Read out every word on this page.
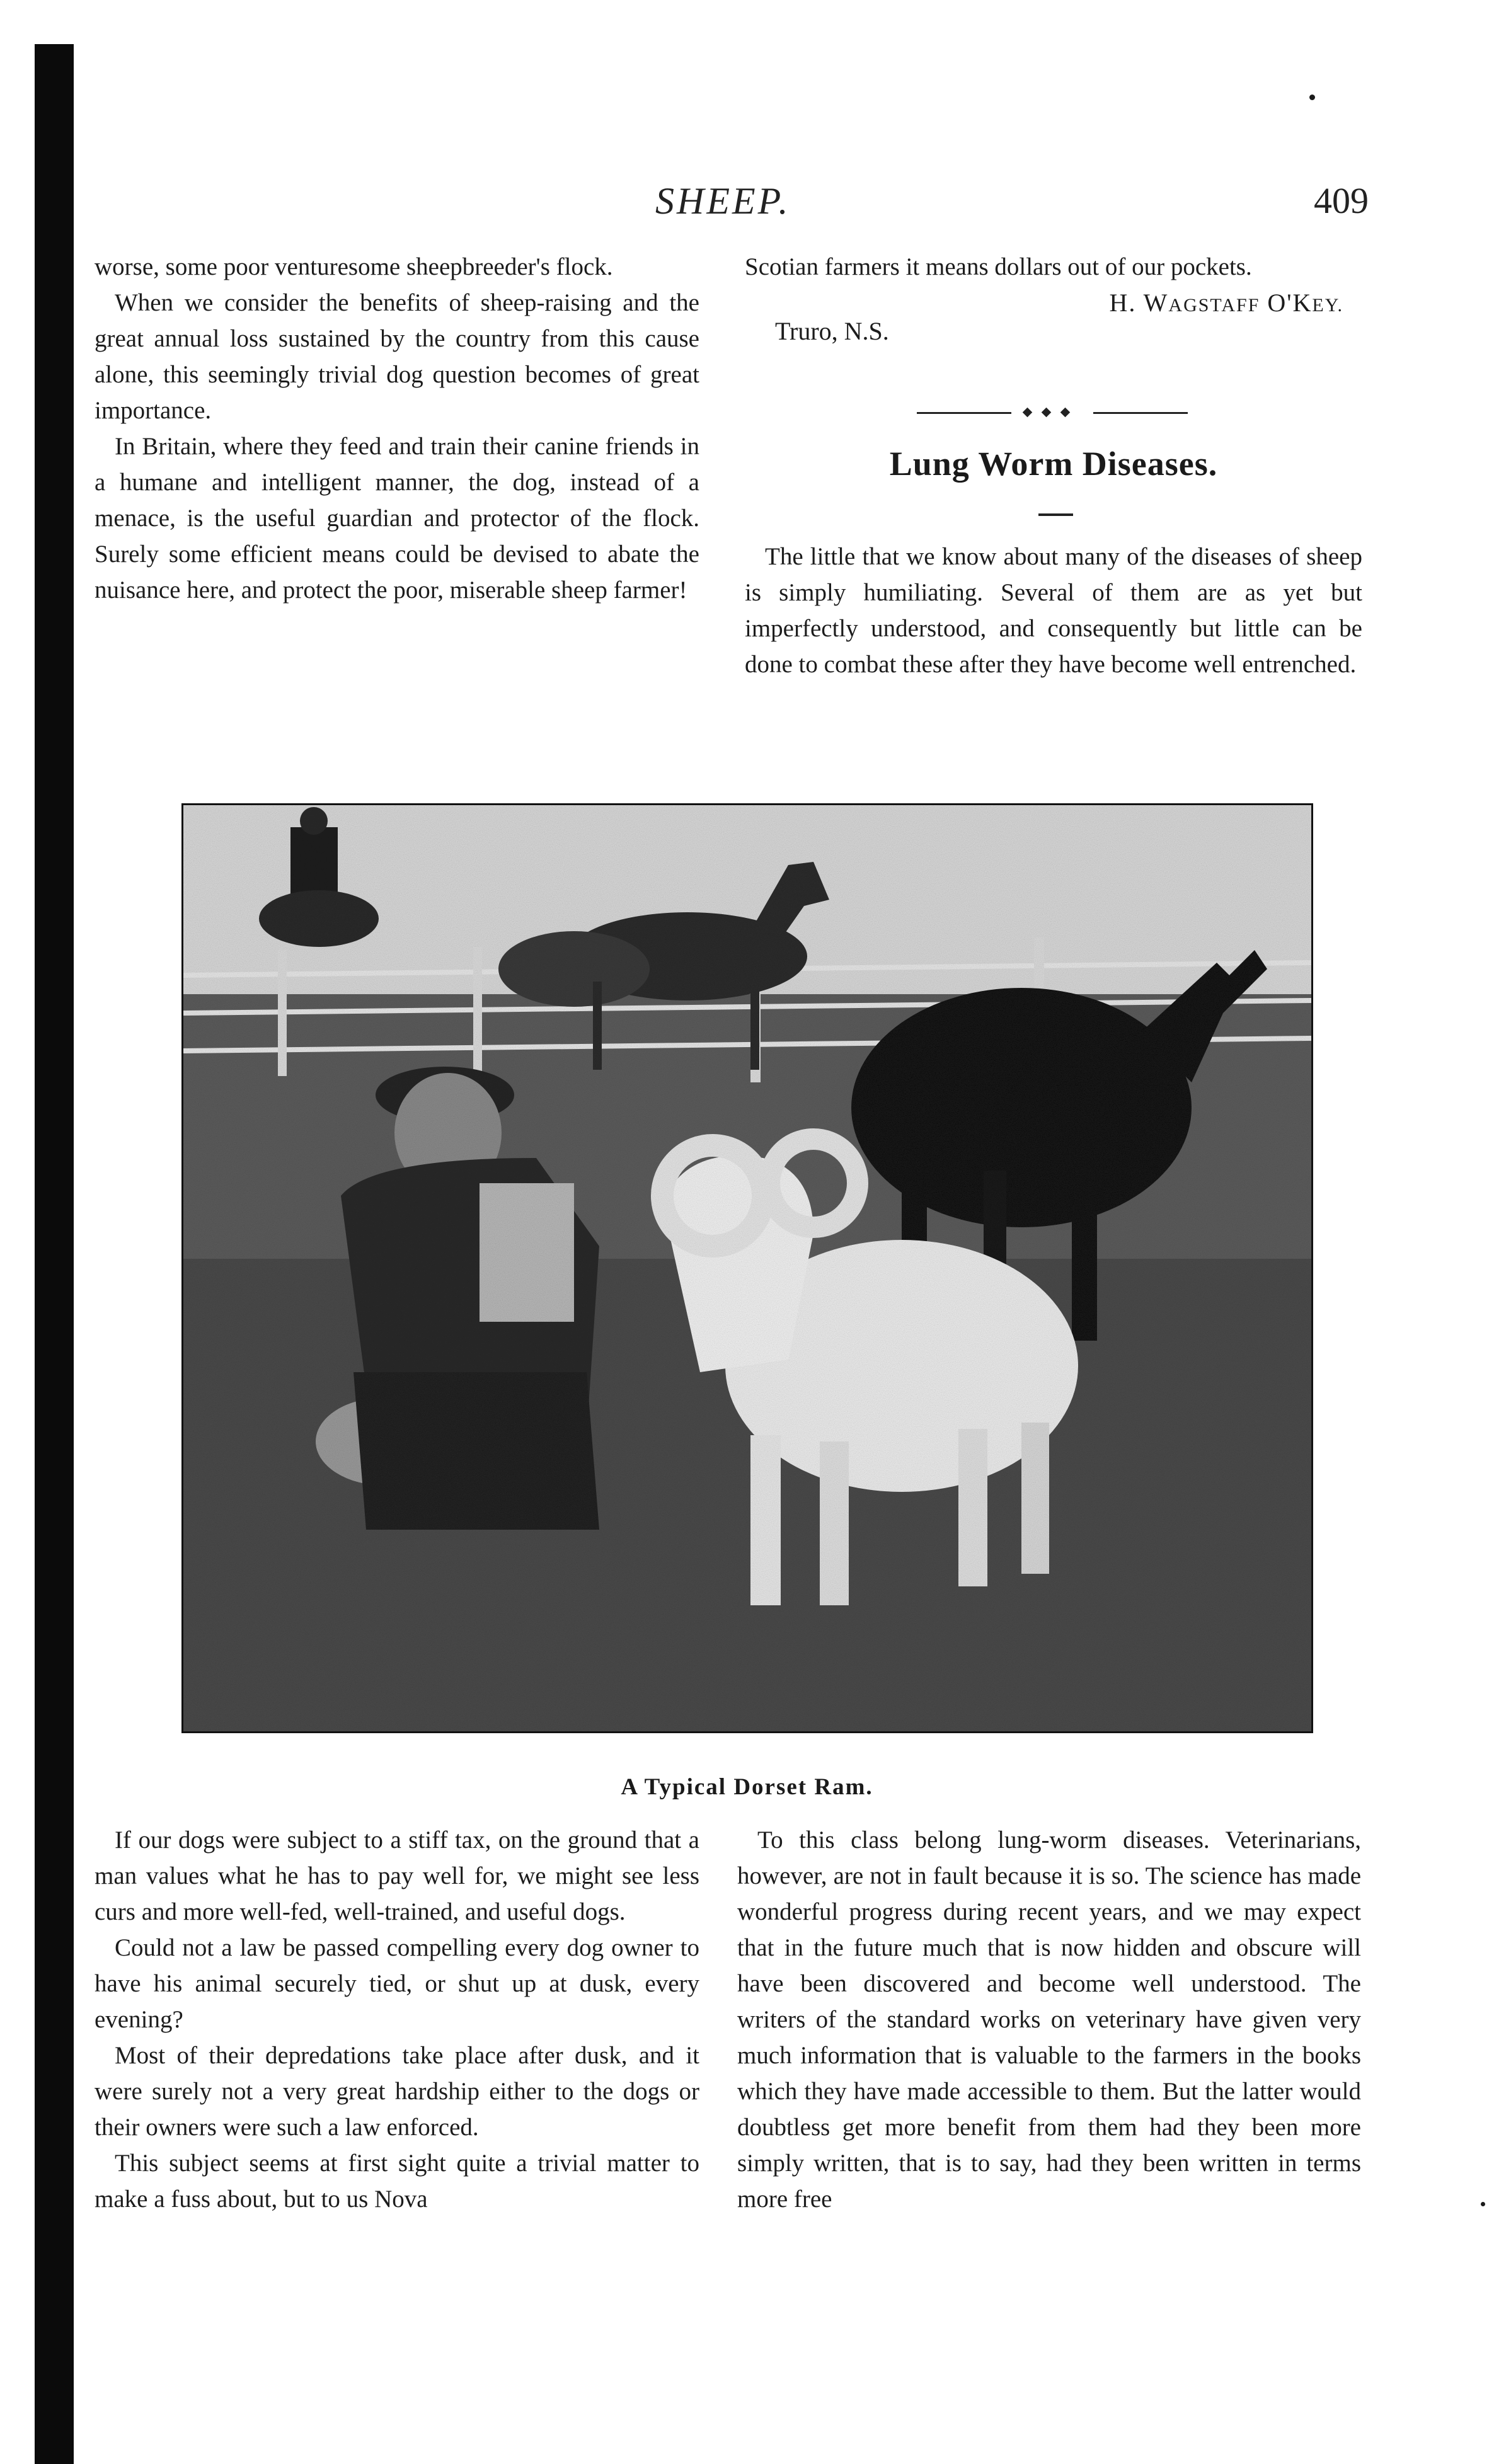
SHEEP.	409

worse, some poor venturesome sheepbreeder's flock.

When we consider the benefits of sheep-raising and the great annual loss sustained by the country from this cause alone, this seemingly trivial dog question becomes of great importance.

In Britain, where they feed and train their canine friends in a humane and intelligent manner, the dog, instead of a menace, is the useful guardian and protector of the flock. Surely some efficient means could be devised to abate the nuisance here, and protect the poor, miserable sheep farmer!

Scotian farmers it means dollars out of our pockets.

H. WAGSTAFF O'KEY.
Truro, N.S.
Lung Worm Diseases.

The little that we know about many of the diseases of sheep is simply humiliating. Several of them are as yet but imperfectly understood, and consequently but little can be done to combat these after they have become well entrenched.

A Typical Dorset Ram.

If our dogs were subject to a stiff tax, on the ground that a man values what he has to pay well for, we might see less curs and more well-fed, well-trained, and useful dogs.

Could not a law be passed compelling every dog owner to have his animal securely tied, or shut up at dusk, every evening?

Most of their depredations take place after dusk, and it were surely not a very great hardship either to the dogs or their owners were such a law enforced.

This subject seems at first sight quite a trivial matter to make a fuss about, but to us Nova

To this class belong lung-worm diseases. Veterinarians, however, are not in fault because it is so. The science has made wonderful progress during recent years, and we may expect that in the future much that is now hidden and obscure will have been discovered and become well understood. The writers of the standard works on veterinary have given very much information that is valuable to the farmers in the books which they have made accessible to them. But the latter would doubtless get more benefit from them had they been more simply written, that is to say, had they been written in terms more free
